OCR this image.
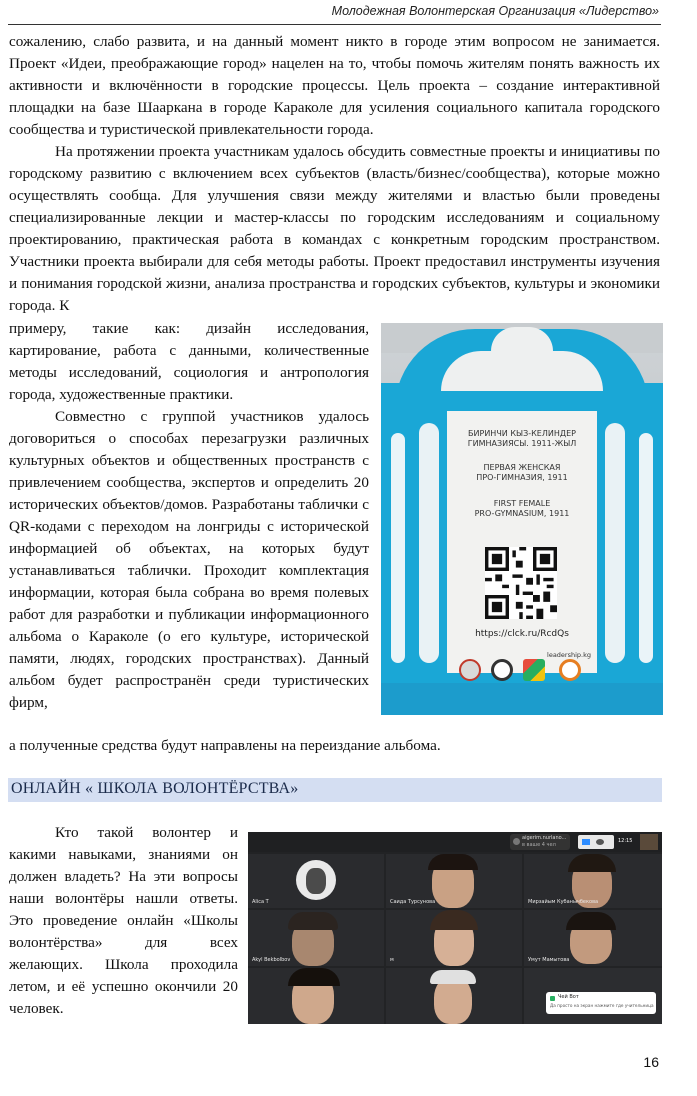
Молодежная Волонтерская Организация «Лидерство»

сожалению, слабо развита, и на данный момент никто в городе этим вопросом не занимается. Проект «Идеи, преображающие город» нацелен на то, чтобы помочь жителям понять важность их активности и включённости в городские процессы. Цель проекта – создание интерактивной площадки на базе Шааркана в городе Караколе для усиления социального капитала городского сообщества и туристической привлекательности города.

На протяжении проекта участникам удалось обсудить совместные проекты и инициативы по городскому развитию с включением всех субъектов (власть/бизнес/сообщества), которые можно осуществлять сообща. Для улучшения связи между жителями и властью были проведены специализированные лекции и мастер-классы по городским исследованиям и социальному проектированию, практическая работа в командах с конкретным городским пространством. Участники проекта выбирали для себя методы работы. Проект предоставил инструменты изучения и понимания городской жизни, анализа пространства и городских субъектов, культуры и экономики города. К

примеру, такие как: дизайн исследования, картирование, работа с данными, количественные методы исследований, социология и антропология города, художественные практики.

Совместно с группой участников удалось договориться о способах перезагрузки различных культурных объектов и общественных пространств с привлечением сообщества, экспертов и определить 20 исторических объектов/домов. Разработаны таблички с QR-кодами с переходом на лонгриды с исторической информацией об объектах, на которых будут устанавливаться таблички. Проходит комплектация информации, которая была собрана во время полевых работ для разработки и публикации информационного альбома о Караколе (о его культуре, исторической памяти, людях, городских пространствах). Данный альбом будет распространён среди туристических фирм,

БИРИНЧИ КЫЗ-КЕЛИНДЕР
ГИМНАЗИЯСЫ. 1911-ЖЫЛ
ПЕРВАЯ ЖЕНСКАЯ
ПРО-ГИМНАЗИЯ, 1911
FIRST FEMALE
PRO-GYMNASIUM, 1911
https://clck.ru/RcdQs
leadership.kg

а полученные средства будут направлены на переиздание альбома.

ОНЛАЙН « ШКОЛА ВОЛОНТЁРСТВА»
Кто такой волонтер и какими навыками, знаниями он должен владеть? На эти вопросы наши волонтёры нашли ответы. Это проведение онлайн «Школы волонтёрства» для всех желающих. Школа проходила летом, и её успешно окончили 20 человек.
aigerim.nurlano...
в ваше 4 чел
12:15
Alica T	Саида Турсунова	Мирзайым Кубанычбекова
Akyl Bekbolbov	м	Умут Мамытова
Чей Вот
Да просто на экран нажмите где учительница
16
